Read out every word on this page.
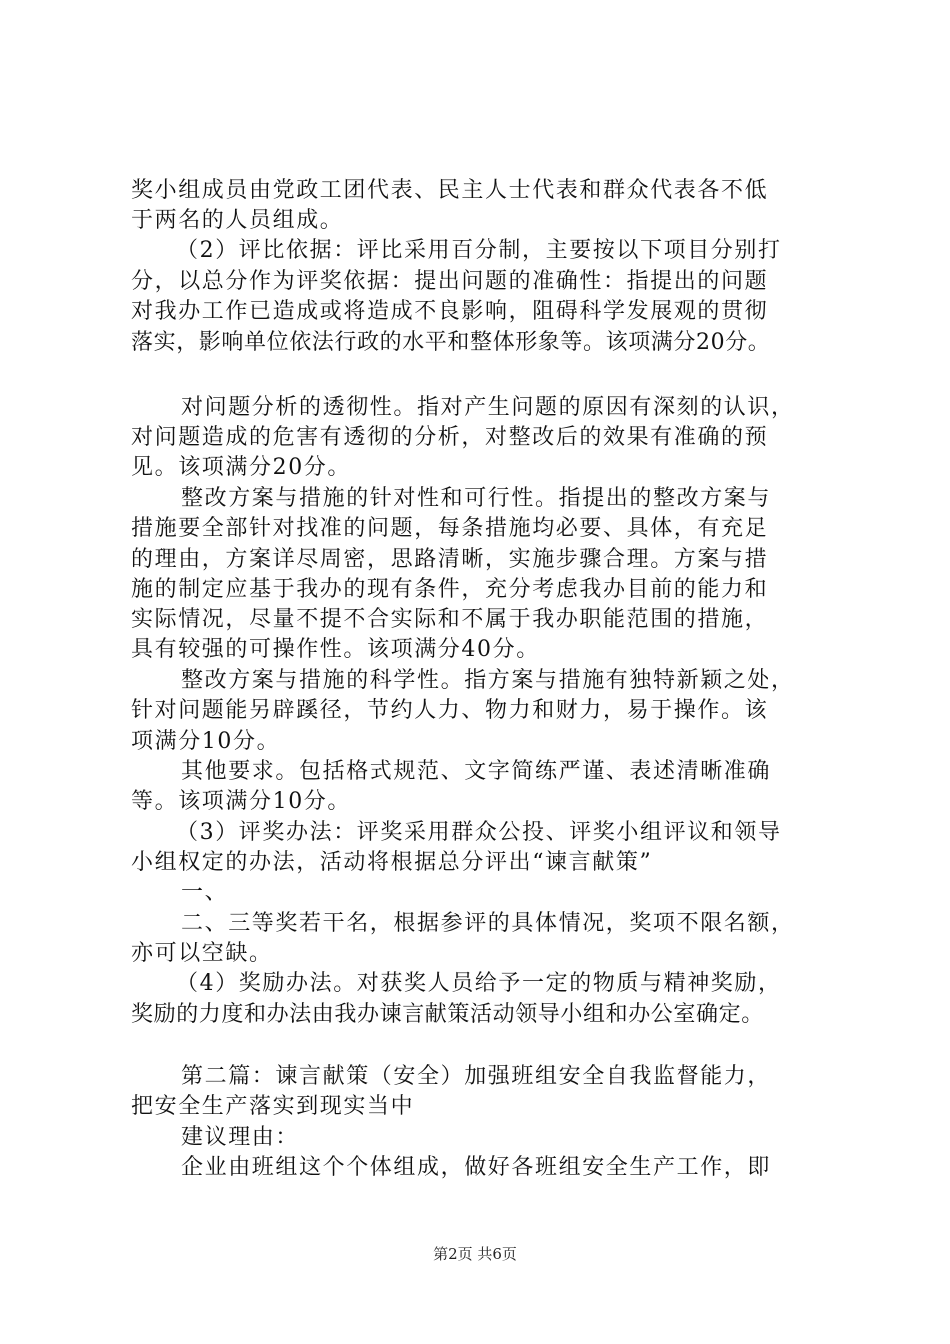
奖小组成员由党政工团代表、民主人士代表和群众代表各不低
于两名的人员组成。
（2）评比依据：评比采用百分制，主要按以下项目分别打
分，以总分作为评奖依据：提出问题的准确性：指提出的问题
对我办工作已造成或将造成不良影响，阻碍科学发展观的贯彻
落实，影响单位依法行政的水平和整体形象等。该项满分20分。
对问题分析的透彻性。指对产生问题的原因有深刻的认识，
对问题造成的危害有透彻的分析，对整改后的效果有准确的预
见。该项满分20分。
整改方案与措施的针对性和可行性。指提出的整改方案与
措施要全部针对找准的问题，每条措施均必要、具体，有充足
的理由，方案详尽周密，思路清晰，实施步骤合理。方案与措
施的制定应基于我办的现有条件，充分考虑我办目前的能力和
实际情况，尽量不提不合实际和不属于我办职能范围的措施，
具有较强的可操作性。该项满分40分。
整改方案与措施的科学性。指方案与措施有独特新颖之处，
针对问题能另辟蹊径，节约人力、物力和财力，易于操作。该
项满分10分。
其他要求。包括格式规范、文字简练严谨、表述清晰准确
等。该项满分10分。
（3）评奖办法：评奖采用群众公投、评奖小组评议和领导
小组权定的办法，活动将根据总分评出“谏言献策”
一、
二、三等奖若干名，根据参评的具体情况，奖项不限名额，
亦可以空缺。
（4）奖励办法。对获奖人员给予一定的物质与精神奖励，
奖励的力度和办法由我办谏言献策活动领导小组和办公室确定。
第二篇：谏言献策（安全）加强班组安全自我监督能力，
把安全生产落实到现实当中
建议理由：
企业由班组这个个体组成，做好各班组安全生产工作，即
第2页 共6页
